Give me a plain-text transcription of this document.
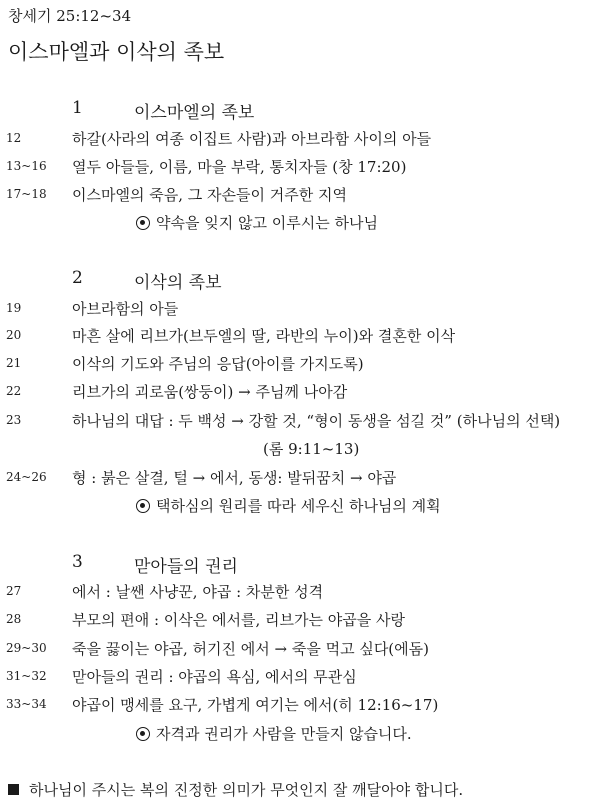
창세기 25:12~34
이스마엘과 이삭의 족보
1	이스마엘의 족보
12	하갈(사라의 여종 이집트 사람)과 아브라함 사이의 아들
13~16 열두 아들들, 이름, 마을 부락, 통치자들 (창 17:20)
17~18 이스마엘의 죽음, 그 자손들이 거주한 지역
약속을 잊지 않고 이루시는 하나님
2	이삭의 족보
19	아브라함의 아들
20	마흔 살에 리브가(브두엘의 딸, 라반의 누이)와 결혼한 이삭
21	이삭의 기도와 주님의 응답(아이를 가지도록)
22	리브가의 괴로움(쌍둥이) → 주님께 나아감
23	하나님의 대답 : 두 백성 → 강할 것, “형이 동생을 섬길 것” (하나님의 선택)
(롬 9:11~13)
24~26 형 : 붉은 살결, 털 → 에서, 동생: 발뒤꿈치 → 야곱
택하심의 원리를 따라 세우신 하나님의 계획
3	맏아들의 권리
27	에서 : 날쌘 사냥꾼, 야곱 : 차분한 성격
28	부모의 편애 : 이삭은 에서를, 리브가는 야곱을 사랑
29~30 죽을 끓이는 야곱, 허기진 에서 → 죽을 먹고 싶다(에돔)
31~32 맏아들의 권리 : 야곱의 욕심, 에서의 무관심
33~34 야곱이 맹세를 요구, 가볍게 여기는 에서(히 12:16~17)
자격과 권리가 사람을 만들지 않습니다.
하나님이 주시는 복의 진정한 의미가 무엇인지 잘 깨달아야 합니다.
